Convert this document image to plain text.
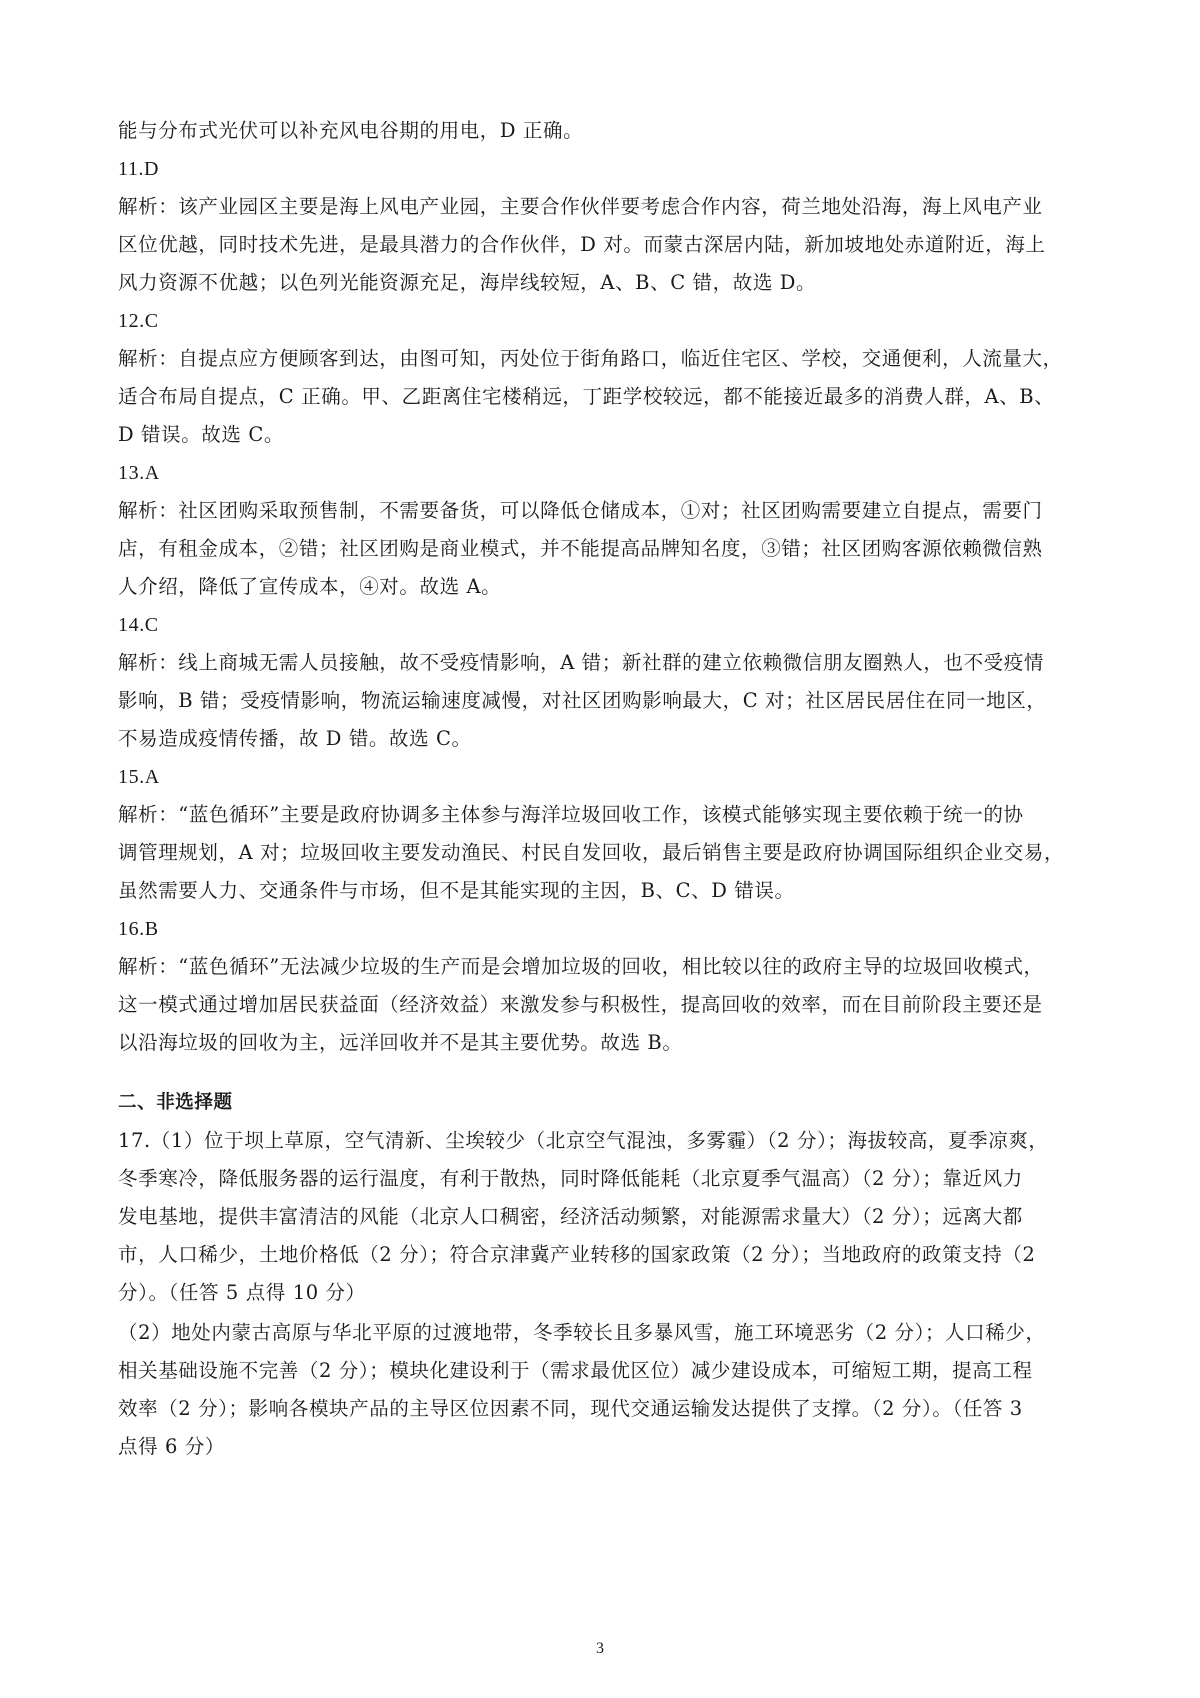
能与分布式光伏可以补充风电谷期的用电，D 正确。
11.D
解析：该产业园区主要是海上风电产业园，主要合作伙伴要考虑合作内容，荷兰地处沿海，海上风电产业
区位优越，同时技术先进，是最具潜力的合作伙伴，D 对。而蒙古深居内陆，新加坡地处赤道附近，海上
风力资源不优越；以色列光能资源充足，海岸线较短，A、B、C 错，故选 D。
12.C
解析：自提点应方便顾客到达，由图可知，丙处位于街角路口，临近住宅区、学校，交通便利，人流量大，
适合布局自提点，C 正确。甲、乙距离住宅楼稍远，丁距学校较远，都不能接近最多的消费人群，A、B、
D 错误。故选 C。
13.A
解析：社区团购采取预售制，不需要备货，可以降低仓储成本，①对；社区团购需要建立自提点，需要门
店，有租金成本，②错；社区团购是商业模式，并不能提高品牌知名度，③错；社区团购客源依赖微信熟
人介绍，降低了宣传成本，④对。故选 A。
14.C
解析：线上商城无需人员接触，故不受疫情影响，A 错；新社群的建立依赖微信朋友圈熟人，也不受疫情
影响，B 错；受疫情影响，物流运输速度减慢，对社区团购影响最大，C 对；社区居民居住在同一地区，
不易造成疫情传播，故 D 错。故选 C。
15.A
解析：“蓝色循环”主要是政府协调多主体参与海洋垃圾回收工作，该模式能够实现主要依赖于统一的协
调管理规划，A 对；垃圾回收主要发动渔民、村民自发回收，最后销售主要是政府协调国际组织企业交易，
虽然需要人力、交通条件与市场，但不是其能实现的主因，B、C、D 错误。
16.B
解析：“蓝色循环”无法减少垃圾的生产而是会增加垃圾的回收，相比较以往的政府主导的垃圾回收模式，
这一模式通过增加居民获益面（经济效益）来激发参与积极性，提高回收的效率，而在目前阶段主要还是
以沿海垃圾的回收为主，远洋回收并不是其主要优势。故选 B。
二、非选择题
17.（1）位于坝上草原，空气清新、尘埃较少（北京空气混浊，多雾霾）（2 分）；海拔较高，夏季凉爽，
冬季寒冷，降低服务器的运行温度，有利于散热，同时降低能耗（北京夏季气温高）（2 分）；靠近风力
发电基地，提供丰富清洁的风能（北京人口稠密，经济活动频繁，对能源需求量大）（2 分）；远离大都
市，人口稀少，土地价格低（2 分）；符合京津冀产业转移的国家政策（2 分）；当地政府的政策支持（2
分）。（任答 5 点得 10 分）
（2）地处内蒙古高原与华北平原的过渡地带，冬季较长且多暴风雪，施工环境恶劣（2 分）；人口稀少，
相关基础设施不完善（2 分）；模块化建设利于（需求最优区位）减少建设成本，可缩短工期，提高工程
效率（2 分）；影响各模块产品的主导区位因素不同，现代交通运输发达提供了支撑。（2 分）。（任答 3
点得 6 分）
3
